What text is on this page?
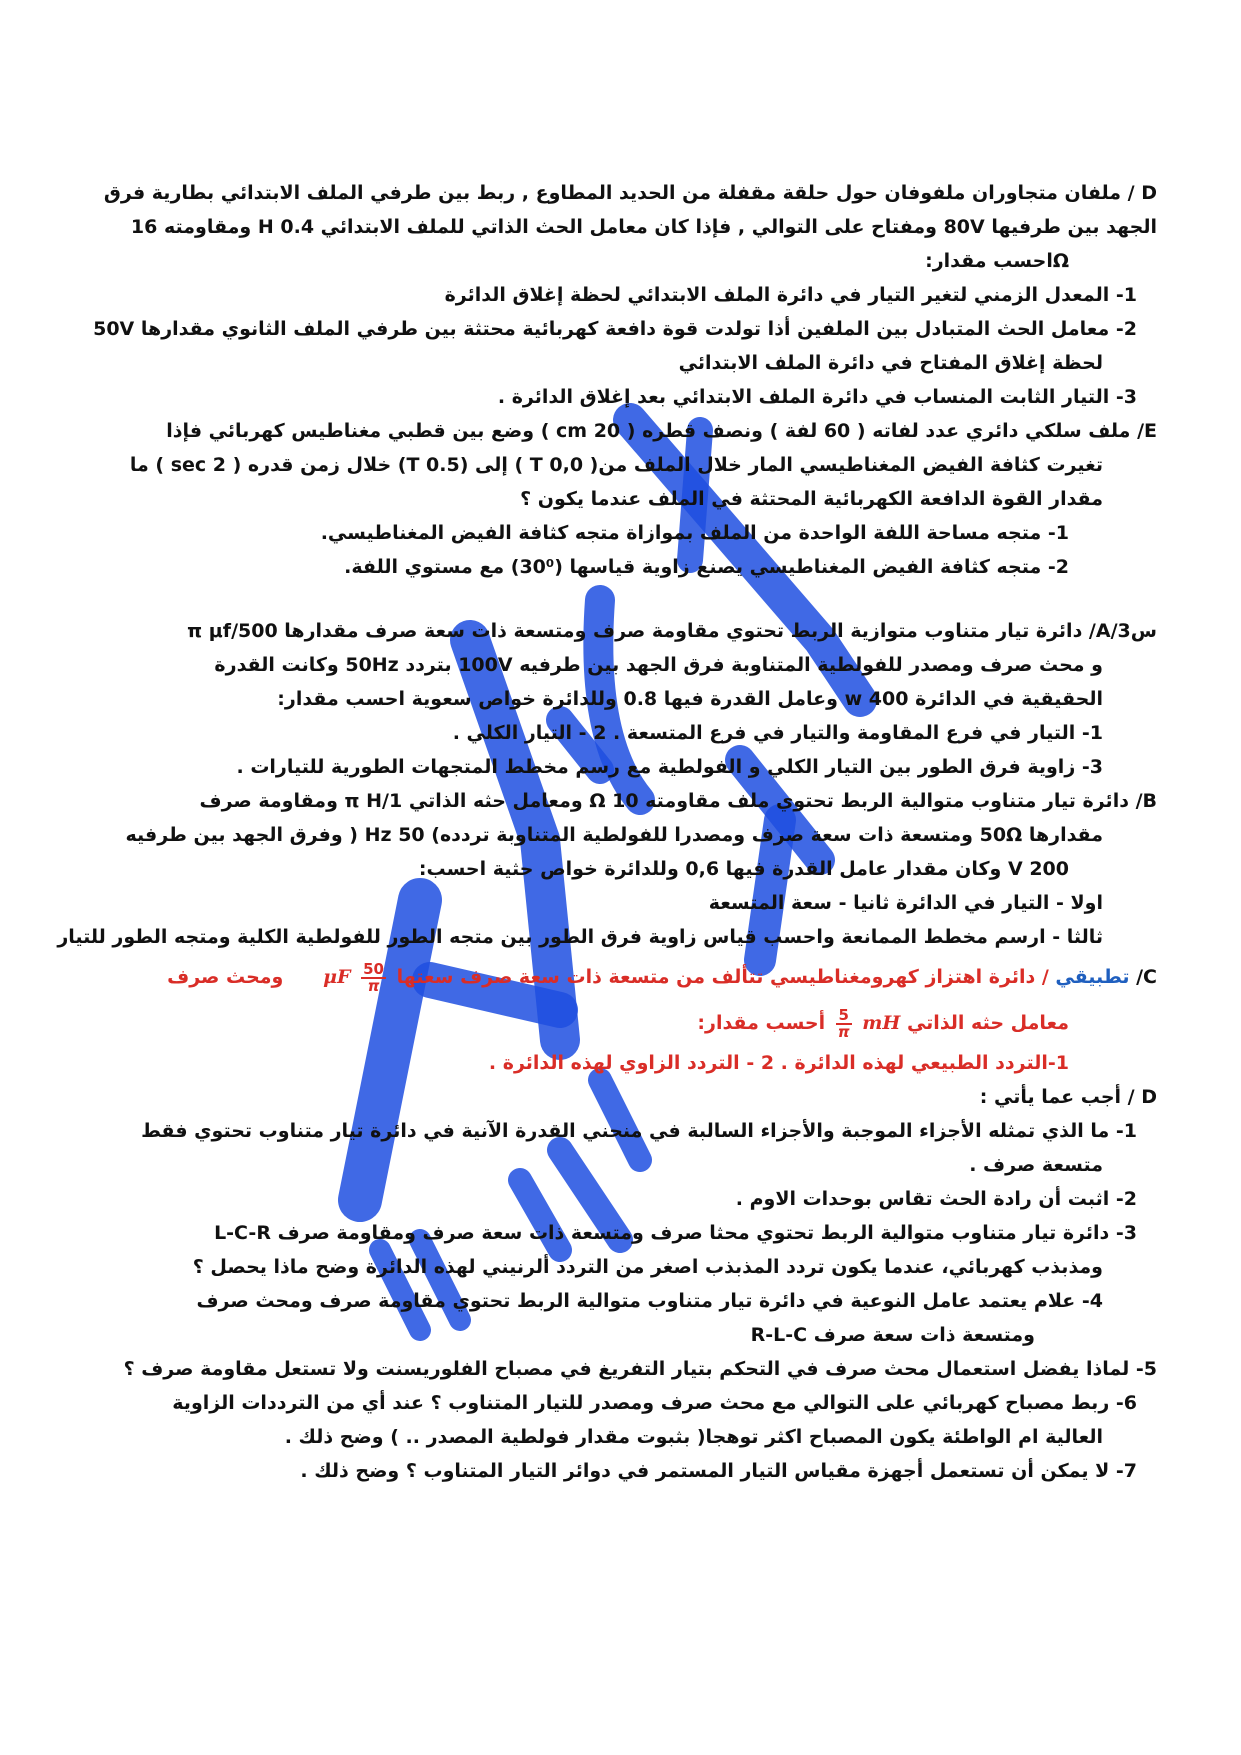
D / ملفان متجاوران ملفوفان حول حلقة مقفلة من الحديد المطاوع , ربط بين طرفي الملف الابتدائي بطارية فرق
الجهد بين طرفيها 80V ومفتاح على التوالي , فإذا كان معامل الحث الذاتي للملف الابتدائي 0.4 H ومقاومته 16
Ωاحسب مقدار:
1- المعدل الزمني لتغير التيار في دائرة الملف الابتدائي لحظة إغلاق الدائرة
2- معامل الحث المتبادل بين الملفين أذا تولدت قوة دافعة كهربائية محتثة بين طرفي الملف الثانوي مقدارها 50V
لحظة إغلاق المفتاح في دائرة الملف الابتدائي
3- التيار الثابت المنساب في دائرة الملف الابتدائي بعد إغلاق الدائرة .
E/ ملف سلكي دائري عدد لفاته ( 60 لفة ) ونصف قطره ( 20 cm ) وضع بين قطبي مغناطيس كهربائي فإذا
تغيرت كثافة الفيض المغناطيسي المار خلال الملف من( 0,0 T ) إلى (0.5 T) خلال زمن قدره ( 2 sec ) ما
مقدار القوة الدافعة الكهربائية المحتثة في الملف عندما يكون ؟
1- متجه مساحة اللفة الواحدة من الملف بموازاة متجه كثافة الفيض المغناطيسي.
2- متجه كثافة الفيض المغناطيسي يصنع زاوية قياسها (30⁰) مع مستوي اللفة.
س3/A/ دائرة تيار متناوب متوازية الربط تحتوي مقاومة صرف ومتسعة ذات سعة صرف مقدارها 500/π μf
و محث صرف ومصدر للفولطية المتناوبة فرق الجهد بين طرفيه 100V بتردد 50Hz وكانت القدرة
الحقيقية في الدائرة 400 w وعامل القدرة فيها 0.8 وللدائرة خواص سعوية احسب مقدار:
1- التيار في فرع المقاومة والتيار في فرع المتسعة . 2 - التيار الكلي .
3- زاوية فرق الطور بين التيار الكلي و الفولطية مع رسم مخطط المتجهات الطورية للتيارات .
B/ دائرة تيار متناوب متوالية الربط تحتوي ملف مقاومته 10 Ω ومعامل حثه الذاتي 1/π H ومقاومة صرف
مقدارها 50Ω ومتسعة ذات سعة صرف ومصدرا للفولطية المتناوبة تردده) 50 Hz ( وفرق الجهد بين طرفيه
200 V وكان مقدار عامل القدرة فيها 0,6 وللدائرة خواص حثية احسب:
اولا - التيار في الدائرة ثانيا - سعة المتسعة
ثالثا - ارسم مخطط الممانعة واحسب قياس زاوية فرق الطور بين متجه الطور للفولطية الكلية ومتجه الطور للتيار
C/ تطبيقي / دائرة اهتزاز كهرومغناطيسي تتألف من متسعة ذات سعة صرف سعتها
$\frac{50}{\pi}$
μF      ومحث صرف
معامل حثه الذاتي mH
$\frac{5}{\pi}$
أحسب مقدار:
1-التردد الطبيعي لهذه الدائرة . 2 - التردد الزاوي لهذه الدائرة .
D / أجب عما يأتي :
1- ما الذي تمثله الأجزاء الموجبة والأجزاء السالبة في منحني القدرة الآنية في دائرة تيار متناوب تحتوي فقط
متسعة صرف .
2- اثبت أن رادة الحث تقاس بوحدات الاوم .
3- دائرة تيار متناوب متوالية الربط تحتوي محثا صرف ومتسعة ذات سعة صرف ومقاومة صرف L-C-R
ومذبذب كهربائي، عندما يكون تردد المذبذب اصغر من التردد ألرنيني لهذه الدائرة وضح ماذا يحصل ؟
4- علام يعتمد عامل النوعية في دائرة تيار متناوب متوالية الربط تحتوي مقاومة صرف ومحث صرف
ومتسعة ذات سعة صرف R-L-C
5- لماذا يفضل استعمال محث صرف في التحكم بتيار التفريغ في مصباح الفلوريسنت ولا تستعل مقاومة صرف ؟
6- ربط مصباح كهربائي على التوالي مع محث صرف ومصدر للتيار المتناوب ؟ عند أي من الترددات الزاوية
العالية ام الواطئة يكون المصباح اكثر توهجا( بثبوت مقدار فولطية المصدر .. ) وضح ذلك .
7- لا يمكن أن تستعمل أجهزة مقياس التيار المستمر في دوائر التيار المتناوب ؟ وضح ذلك .
